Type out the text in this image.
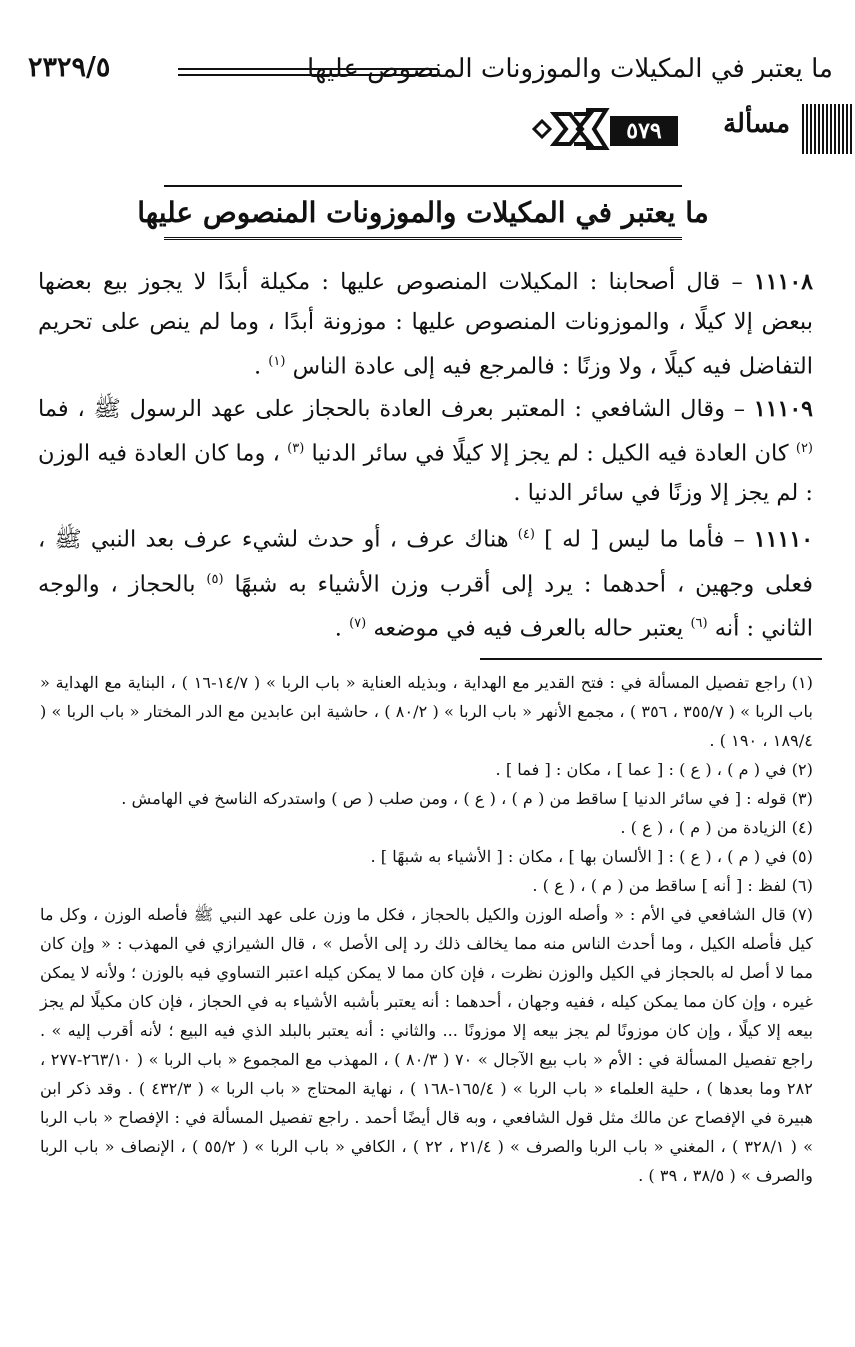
ما يعتبر في المكيلات والموزونات المنصوص عليها
٢٣٢٩/٥
مسألة
٥٧٩
ما يعتبر في المكيلات والموزونات المنصوص عليها

١١١٠٨ – قال أصحابنا : المكيلات المنصوص عليها : مكيلة أبدًا لا يجوز بيع بعضها ببعض إلا كيلًا ، والموزونات المنصوص عليها : موزونة أبدًا ، وما لم ينص على تحريم التفاضل فيه كيلًا ، ولا وزنًا : فالمرجع فيه إلى عادة الناس $^{(١)}$ .

١١١٠٩ – وقال الشافعي : المعتبر بعرف العادة بالحجاز على عهد الرسول ﷺ ، فما $^{(٢)}$ كان العادة فيه الكيل : لم يجز إلا كيلًا في سائر الدنيا $^{(٣)}$ ، وما كان العادة فيه الوزن : لم يجز إلا وزنًا في سائر الدنيا .

١١١١٠ – فأما ما ليس [ له ] $^{(٤)}$ هناك عرف ، أو حدث لشيء عرف بعد النبي ﷺ ، فعلى وجهين ، أحدهما : يرد إلى أقرب وزن الأشياء به شبهًا $^{(٥)}$ بالحجاز ، والوجه الثاني : أنه $^{(٦)}$ يعتبر حاله بالعرف فيه في موضعه $^{(٧)}$ .

(١) راجع تفصيل المسألة في : فتح القدير مع الهداية ، وبذيله العناية « باب الربا » ( ١٤/٧-١٦ ) ، البناية مع الهداية « باب الربا » ( ٣٥٥/٧ ، ٣٥٦ ) ، مجمع الأنهر « باب الربا » ( ٨٠/٢ ) ، حاشية ابن عابدين مع الدر المختار « باب الربا » ( ١٨٩/٤ ، ١٩٠ ) .

(٢) في ( م ) ، ( ع ) : [ عما ] ، مكان : [ فما ] .

(٣) قوله : [ في سائر الدنيا ] ساقط من ( م ) ، ( ع ) ، ومن صلب ( ص ) واستدركه الناسخ في الهامش .

(٤) الزيادة من ( م ) ، ( ع ) .

(٥) في ( م ) ، ( ع ) : [ الألسان بها ] ، مكان : [ الأشياء به شبهًا ] .

(٦) لفظ : [ أنه ] ساقط من ( م ) ، ( ع ) .

(٧) قال الشافعي في الأم : « وأصله الوزن والكيل بالحجاز ، فكل ما وزن على عهد النبي ﷺ فأصله الوزن ، وكل ما كيل فأصله الكيل ، وما أحدث الناس منه مما يخالف ذلك رد إلى الأصل » ، قال الشيرازي في المهذب : « وإن كان مما لا أصل له بالحجاز في الكيل والوزن نظرت ، فإن كان مما لا يمكن كيله اعتبر التساوي فيه بالوزن ؛ ولأنه لا يمكن غيره ، وإن كان مما يمكن كيله ، ففيه وجهان ، أحدهما : أنه يعتبر بأشبه الأشياء به في الحجاز ، فإن كان مكيلًا لم يجز بيعه إلا كيلًا ، وإن كان موزونًا لم يجز بيعه إلا موزونًا ... والثاني : أنه يعتبر بالبلد الذي فيه البيع ؛ لأنه أقرب إليه » . راجع تفصيل المسألة في : الأم « باب بيع الآجال » ٧٠ ( ٨٠/٣ ) ، المهذب مع المجموع « باب الربا » ( ٢٦٣/١٠-٢٧٧ ، ٢٨٢ وما بعدها ) ، حلية العلماء « باب الربا » ( ١٦٥/٤-١٦٨ ) ، نهاية المحتاج « باب الربا » ( ٤٣٢/٣ ) . وقد ذكر ابن هبيرة في الإفصاح عن مالك مثل قول الشافعي ، وبه قال أيضًا أحمد . راجع تفصيل المسألة في : الإفصاح « باب الربا » ( ٣٢٨/١ ) ، المغني « باب الربا والصرف » ( ٢١/٤ ، ٢٢ ) ، الكافي « باب الربا » ( ٥٥/٢ ) ، الإنصاف « باب الربا والصرف » ( ٣٨/٥ ، ٣٩ ) .
